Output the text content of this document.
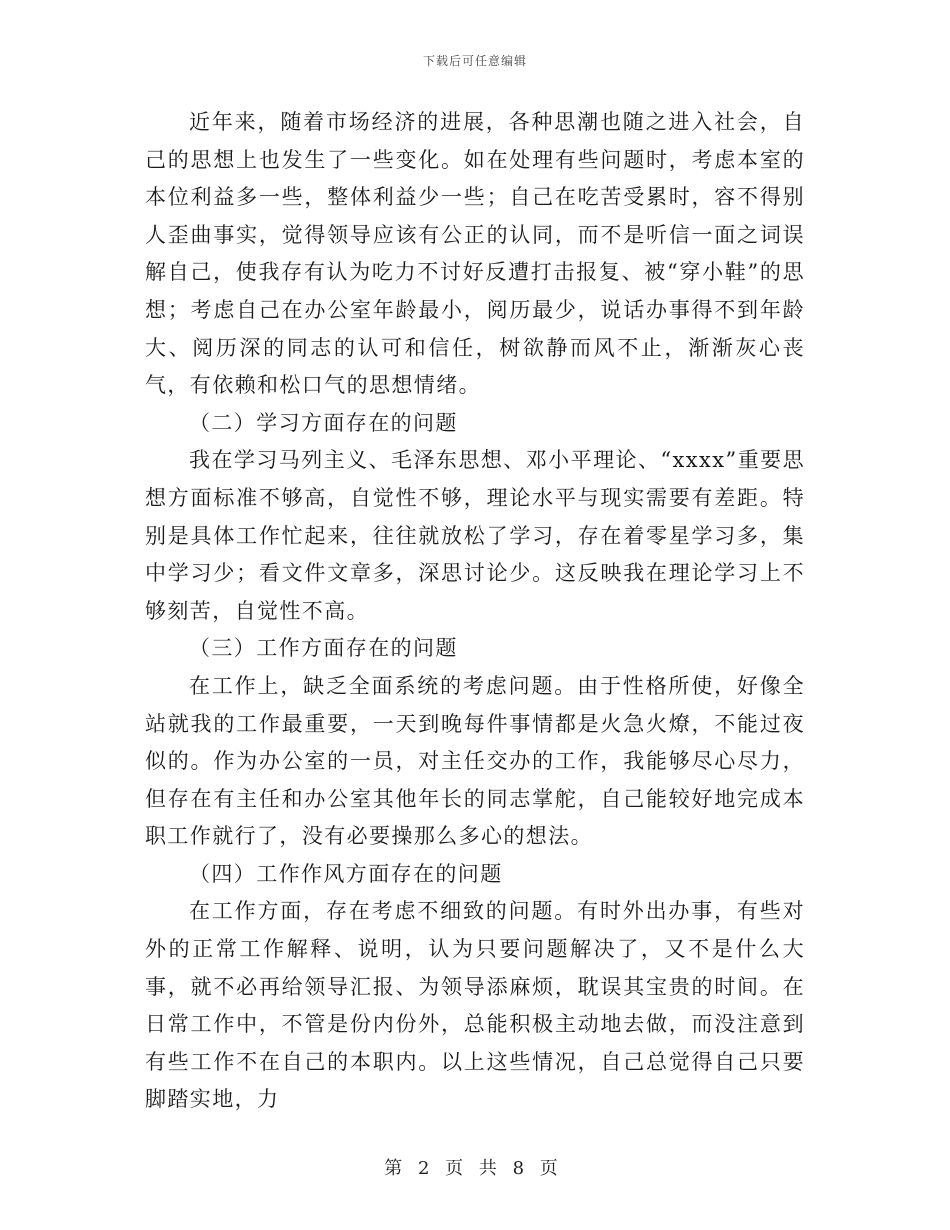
下载后可任意编辑

近年来，随着市场经济的进展，各种思潮也随之进入社会，自己的思想上也发生了一些变化。如在处理有些问题时，考虑本室的本位利益多一些，整体利益少一些；自己在吃苦受累时，容不得别人歪曲事实，觉得领导应该有公正的认同，而不是听信一面之词误解自己，使我存有认为吃力不讨好反遭打击报复、被“穿小鞋”的思想；考虑自己在办公室年龄最小，阅历最少，说话办事得不到年龄大、阅历深的同志的认可和信任，树欲静而风不止，渐渐灰心丧气，有依赖和松口气的思想情绪。

（二）学习方面存在的问题

我在学习马列主义、毛泽东思想、邓小平理论、“xxxx”重要思想方面标准不够高，自觉性不够，理论水平与现实需要有差距。特别是具体工作忙起来，往往就放松了学习，存在着零星学习多，集中学习少；看文件文章多，深思讨论少。这反映我在理论学习上不够刻苦，自觉性不高。

（三）工作方面存在的问题

在工作上，缺乏全面系统的考虑问题。由于性格所使，好像全站就我的工作最重要，一天到晚每件事情都是火急火燎，不能过夜似的。作为办公室的一员，对主任交办的工作，我能够尽心尽力，但存在有主任和办公室其他年长的同志掌舵，自己能较好地完成本职工作就行了，没有必要操那么多心的想法。

（四）工作作风方面存在的问题

在工作方面，存在考虑不细致的问题。有时外出办事，有些对外的正常工作解释、说明，认为只要问题解决了，又不是什么大事，就不必再给领导汇报、为领导添麻烦，耽误其宝贵的时间。在日常工作中，不管是份内份外，总能积极主动地去做，而没注意到有些工作不在自己的本职内。以上这些情况，自己总觉得自己只要脚踏实地，力

第 2 页 共 8 页
